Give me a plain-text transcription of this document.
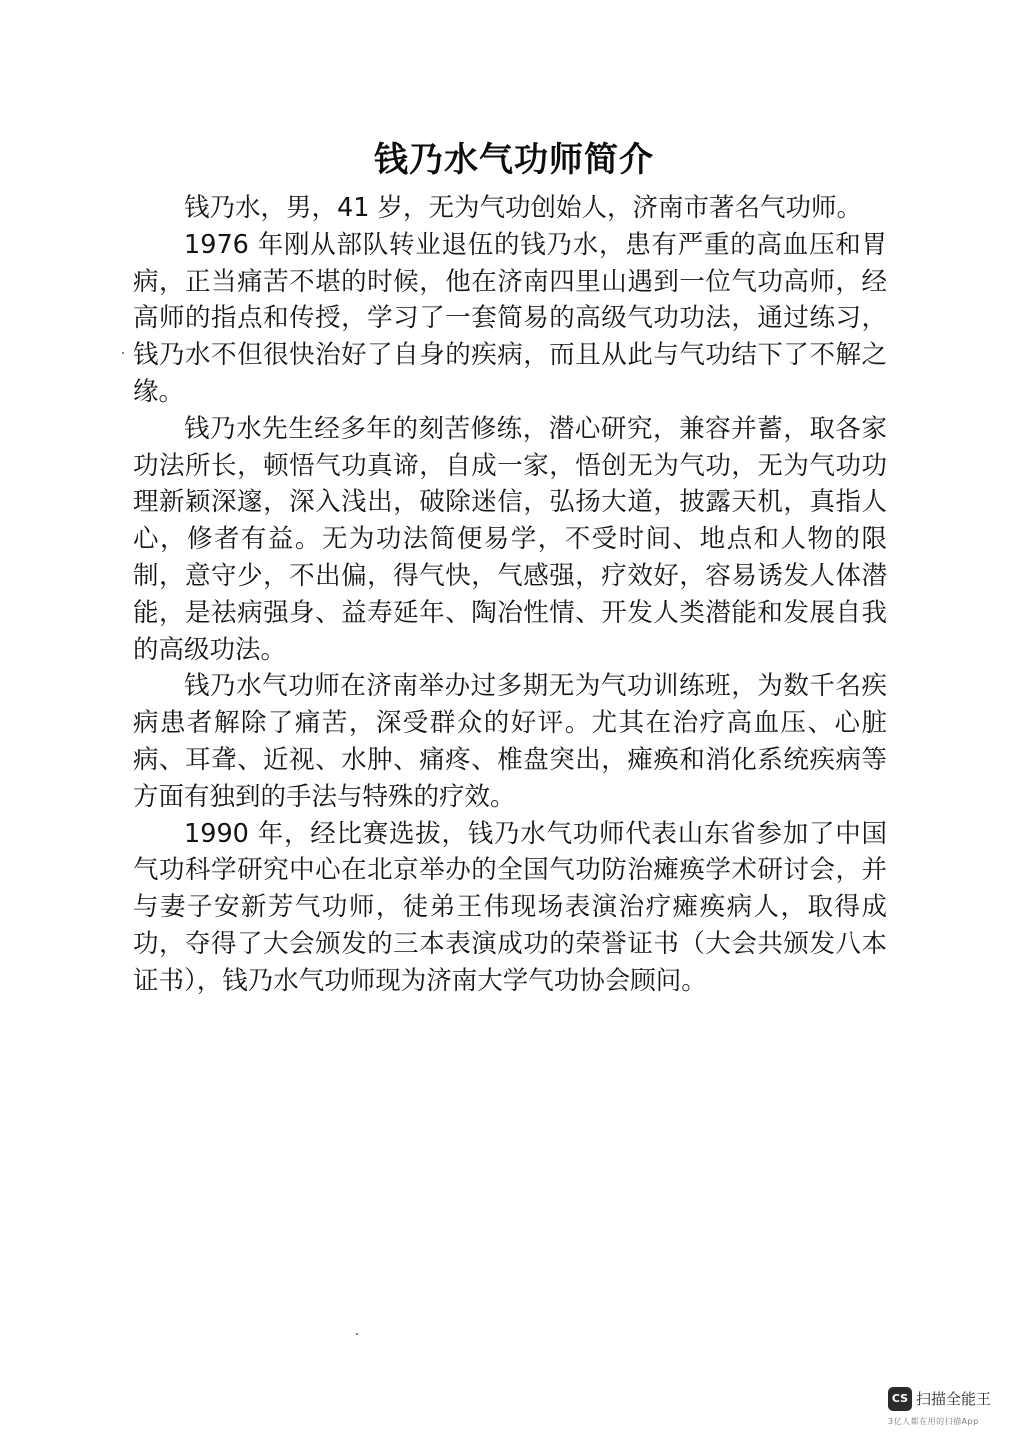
钱乃水气功师简介

钱乃水，男，41 岁，无为气功创始人，济南市著名气功师。

1976 年刚从部队转业退伍的钱乃水，患有严重的高血压和胃病，正当痛苦不堪的时候，他在济南四里山遇到一位气功高师，经高师的指点和传授，学习了一套简易的高级气功功法，通过练习，钱乃水不但很快治好了自身的疾病，而且从此与气功结下了不解之缘。

钱乃水先生经多年的刻苦修练，潜心研究，兼容并蓄，取各家功法所长，顿悟气功真谛，自成一家，悟创无为气功，无为气功功理新颖深邃，深入浅出，破除迷信，弘扬大道，披露天机，真指人心，修者有益。无为功法简便易学，不受时间、地点和人物的限制，意守少，不出偏，得气快，气感强，疗效好，容易诱发人体潜能，是祛病强身、益寿延年、陶冶性情、开发人类潜能和发展自我的高级功法。

钱乃水气功师在济南举办过多期无为气功训练班，为数千名疾病患者解除了痛苦，深受群众的好评。尤其在治疗高血压、心脏病、耳聋、近视、水肿、痛疼、椎盘突出，瘫痪和消化系统疾病等方面有独到的手法与特殊的疗效。

1990 年，经比赛选拔，钱乃水气功师代表山东省参加了中国气功科学研究中心在北京举办的全国气功防治瘫痪学术研讨会，并与妻子安新芳气功师，徒弟王伟现场表演治疗瘫痪病人，取得成功，夺得了大会颁发的三本表演成功的荣誉证书（大会共颁发八本证书），钱乃水气功师现为济南大学气功协会顾问。

CS 扫描全能王
3亿人都在用的扫描App
